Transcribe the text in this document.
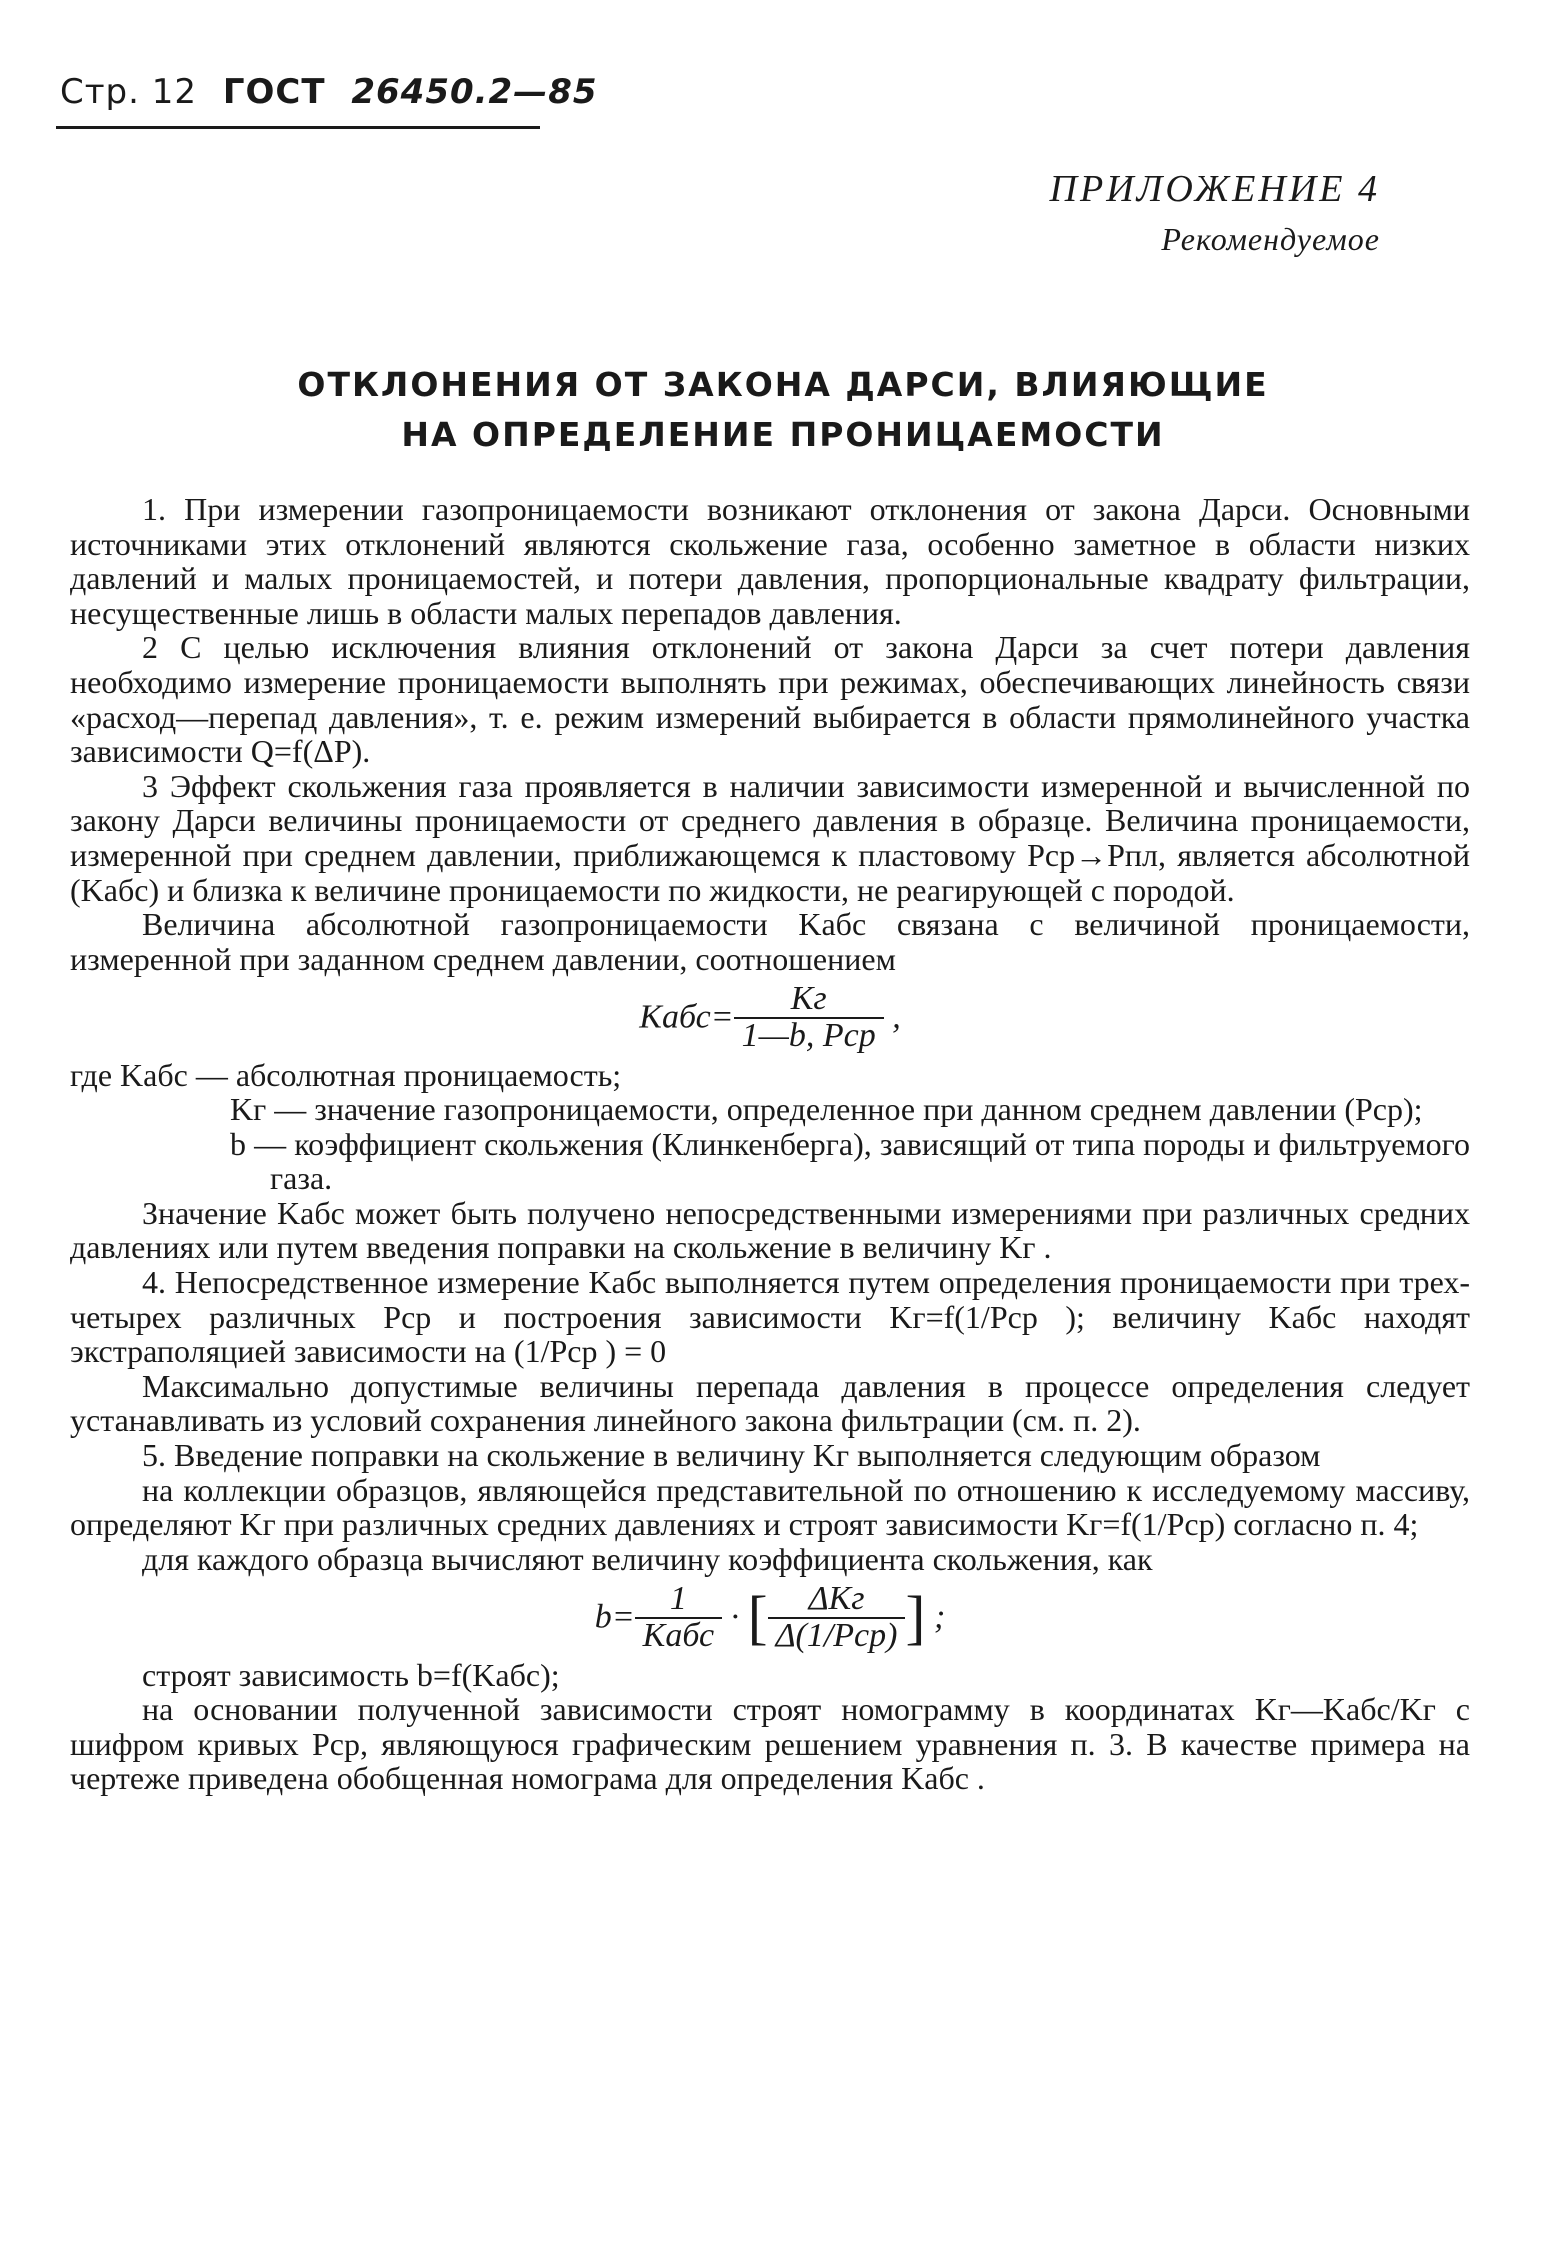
Стр. 12 ГОСТ 26450.2—85
ПРИЛОЖЕНИЕ 4
Рекомендуемое
ОТКЛОНЕНИЯ ОТ ЗАКОНА ДАРСИ, ВЛИЯЮЩИЕ
НА ОПРЕДЕЛЕНИЕ ПРОНИЦАЕМОСТИ

1. При измерении газопроницаемости возникают отклонения от закона Дарси. Основными источниками этих отклонений являются скольжение газа, особенно заметное в области низких давлений и малых проницаемостей, и потери давления, пропорциональные квадрату фильтрации, несущественные лишь в области малых перепадов давления.

2 С целью исключения влияния отклонений от закона Дарси за счет потери давления необходимо измерение проницаемости выполнять при режимах, обеспечивающих линейность связи «расход—перепад давления», т. е. режим измерений выбирается в области прямолинейного участка зависимости Q=f(ΔP).

3 Эффект скольжения газа проявляется в наличии зависимости измеренной и вычисленной по закону Дарси величины проницаемости от среднего давления в образце. Величина проницаемости, измеренной при среднем давлении, приближающемся к пластовому Pср→Pпл, является абсолютной (Kабс) и близка к величине проницаемости по жидкости, не реагирующей с породой.

Величина абсолютной газопроницаемости Kабс связана с величиной проницаемости, измеренной при заданном среднем давлении, соотношением

Kабс= $\frac{Kг}{\text{1—b, Pср}}$ ,

где Kабс — абсолютная проницаемость;

Kг — значение газопроницаемости, определенное при данном среднем давлении (Pср);

b — коэффициент скольжения (Клинкенберга), зависящий от типа породы и фильтруемого газа.

Значение Kабс может быть получено непосредственными измерениями при различных средних давлениях или путем введения поправки на скольжение в величину Kг .

4. Непосредственное измерение Kабс выполняется путем определения проницаемости при трех-четырех различных Pср и построения зависимости Kг=f(1/Pср ); величину Kабс находят экстраполяцией зависимости на (1/Pср ) = 0

Максимально допустимые величины перепада давления в процессе определения следует устанавливать из условий сохранения линейного закона фильтрации (см. п. 2).

5. Введение поправки на скольжение в величину Kг выполняется следующим образом

на коллекции образцов, являющейся представительной по отношению к исследуемому массиву, определяют Kг при различных средних давлениях и строят зависимости Kг=f(1/Pср) согласно п. 4;

для каждого образца вычисляют величину коэффициента скольжения, как

$b= \frac{1}{\text{Kабс}}$ · [ $\frac{\text{ΔKг}}{\text{Δ(1/Pср)}}$ ] ;

строят зависимость b=f(Kабс);

на основании полученной зависимости строят номограмму в координатах Kг—Kабс/Kг с шифром кривых Pср, являющуюся графическим решением уравнения п. 3. В качестве примера на чертеже приведена обобщенная номограма для определения Kабс .
